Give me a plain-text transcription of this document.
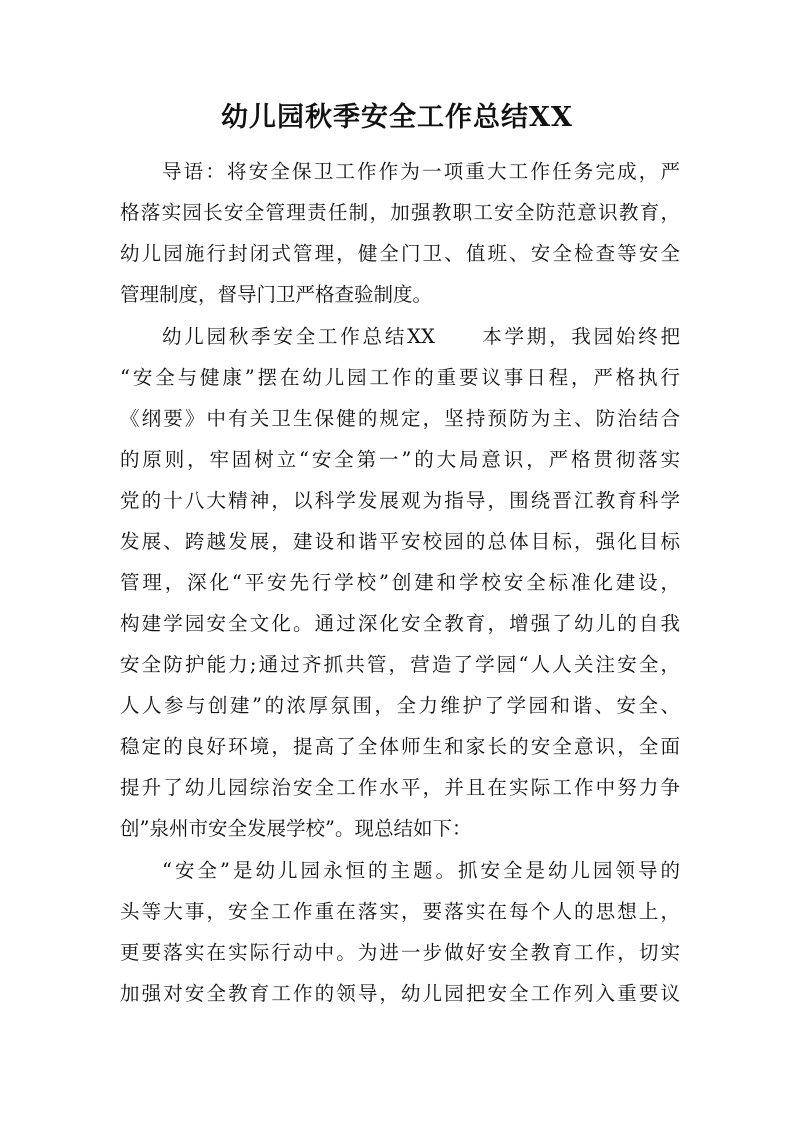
幼儿园秋季安全工作总结XX
导语：将安全保卫工作作为一项重大工作任务完成，严
格落实园长安全管理责任制，加强教职工安全防范意识教育，
幼儿园施行封闭式管理，健全门卫、值班、安全检查等安全
管理制度，督导门卫严格查验制度。
幼儿园秋季安全工作总结XX　　本学期，我园始终把
“安全与健康”摆在幼儿园工作的重要议事日程，严格执行
《纲要》中有关卫生保健的规定，坚持预防为主、防治结合
的原则，牢固树立“安全第一”的大局意识，严格贯彻落实
党的十八大精神，以科学发展观为指导，围绕晋江教育科学
发展、跨越发展，建设和谐平安校园的总体目标，强化目标
管理，深化“平安先行学校”创建和学校安全标准化建设，
构建学园安全文化。通过深化安全教育，增强了幼儿的自我
安全防护能力;通过齐抓共管，营造了学园“人人关注安全，
人人参与创建”的浓厚氛围，全力维护了学园和谐、安全、
稳定的良好环境，提高了全体师生和家长的安全意识，全面
提升了幼儿园综治安全工作水平，并且在实际工作中努力争
创”泉州市安全发展学校”。现总结如下：
“安全”是幼儿园永恒的主题。抓安全是幼儿园领导的
头等大事，安全工作重在落实，要落实在每个人的思想上，
更要落实在实际行动中。为进一步做好安全教育工作，切实
加强对安全教育工作的领导，幼儿园把安全工作列入重要议
